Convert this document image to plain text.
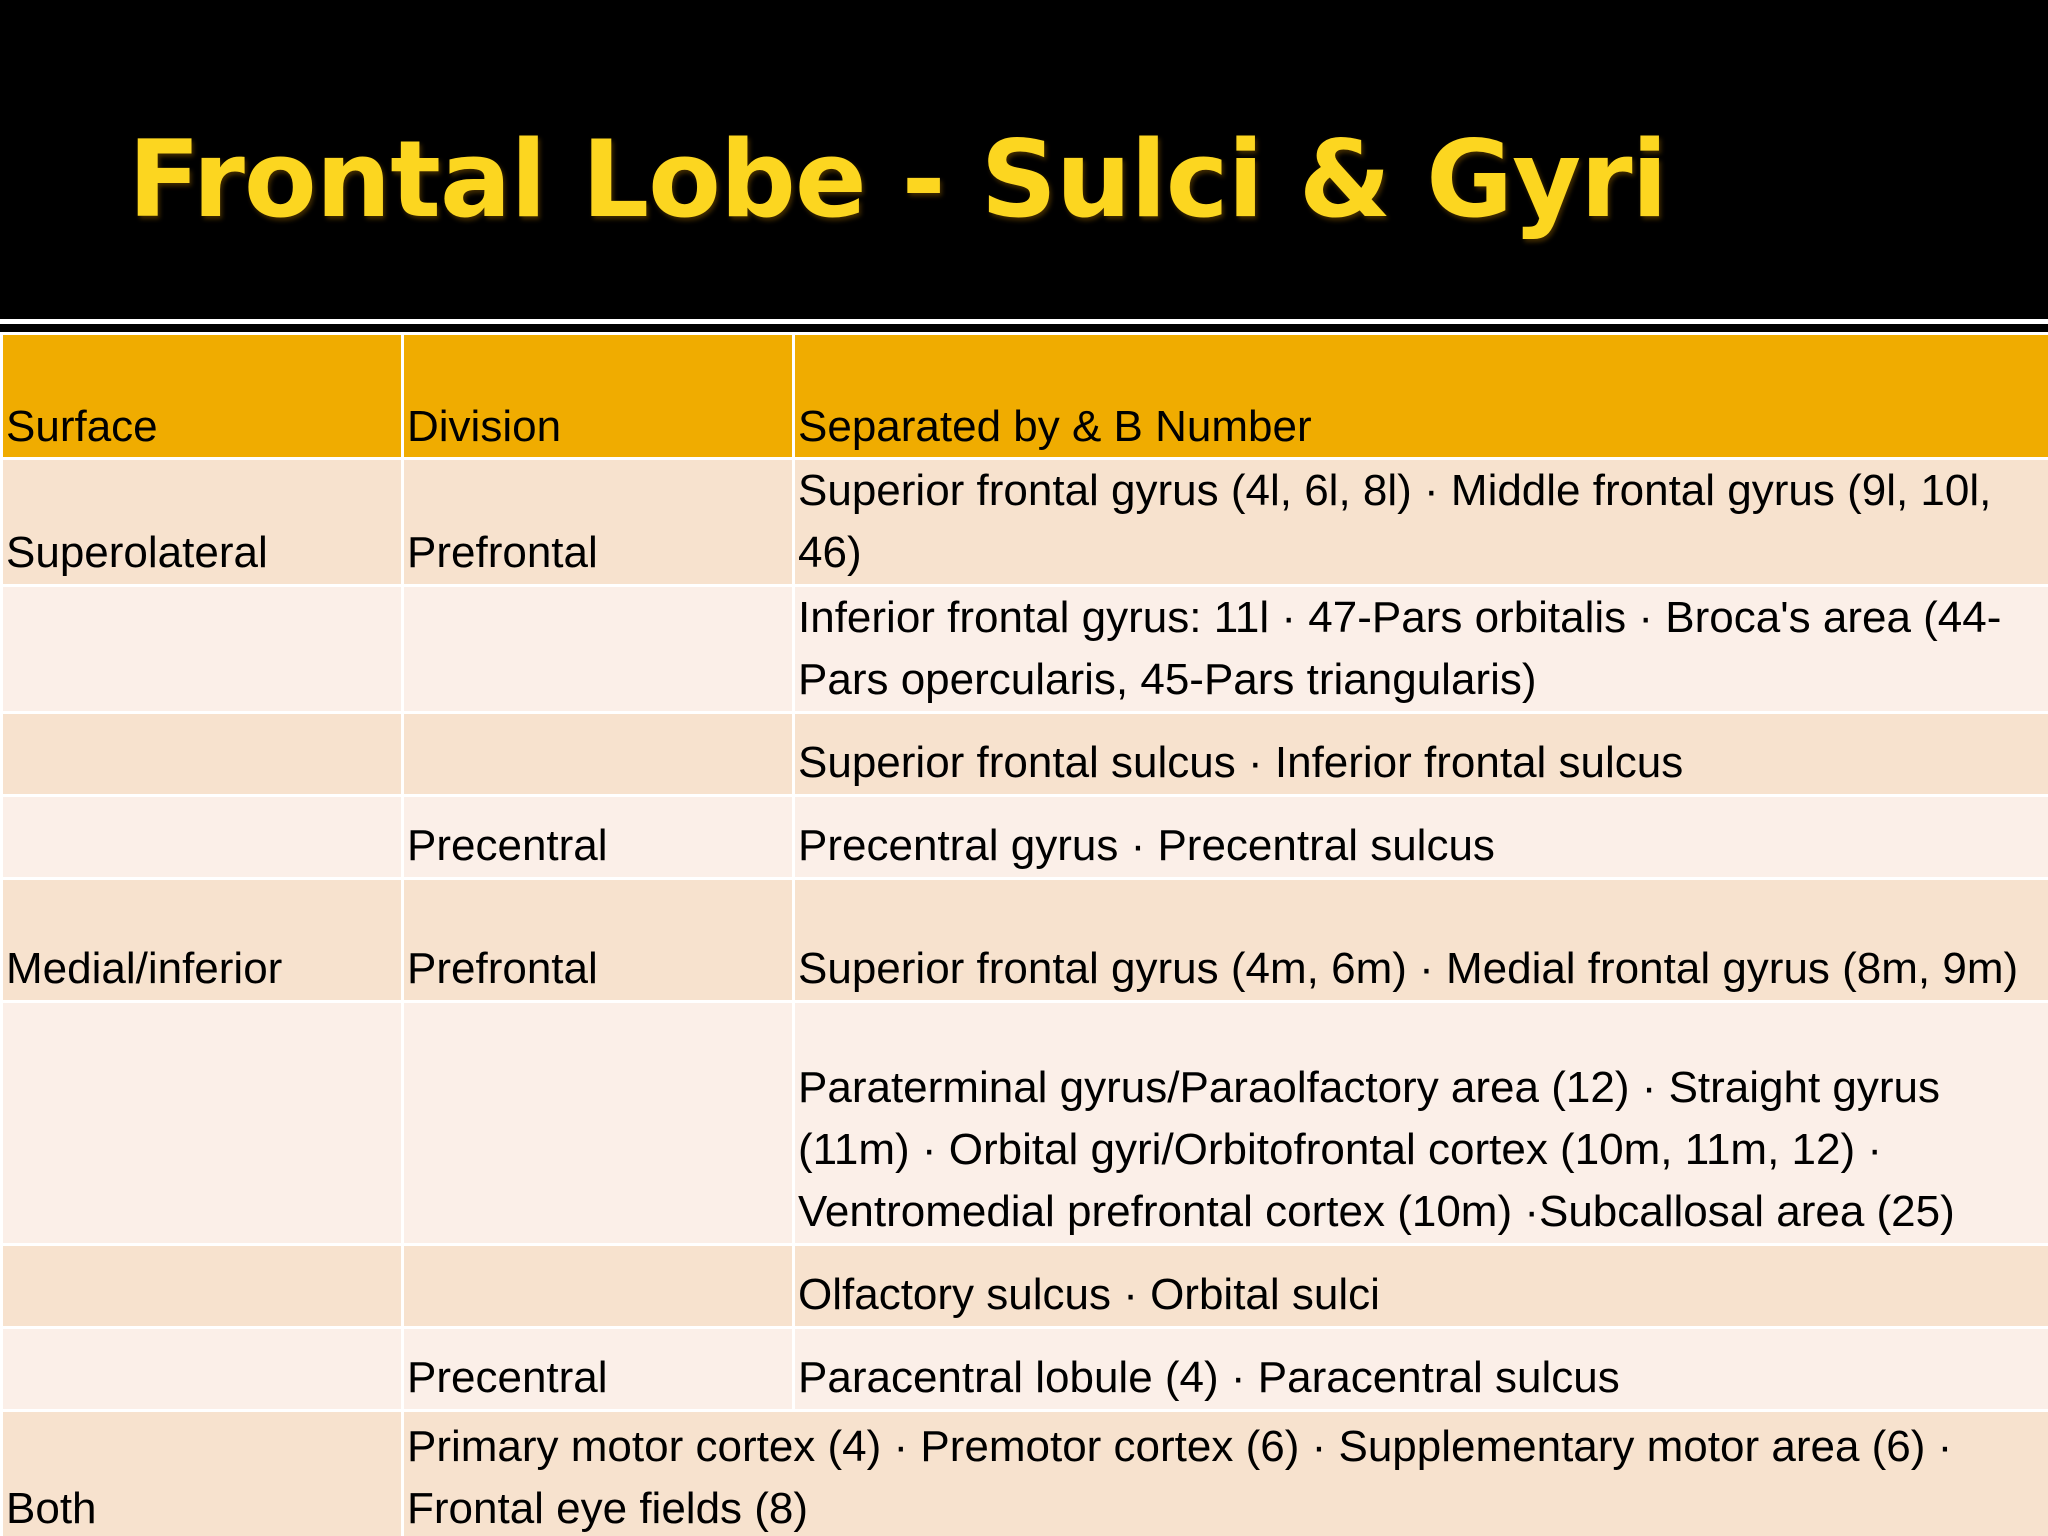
Frontal Lobe - Sulci & Gyri
Surface	Division	Separated by & B Number
Superolateral	Prefrontal	Superior frontal gyrus (4l, 6l, 8l) · Middle frontal gyrus (9l, 10l, 46)
		Inferior frontal gyrus: 11l · 47-Pars orbitalis · Broca's area (44-Pars opercularis, 45-Pars triangularis)
		Superior frontal sulcus · Inferior frontal sulcus
	Precentral	Precentral gyrus · Precentral sulcus
Medial/inferior	Prefrontal	Superior frontal gyrus (4m, 6m) · Medial frontal gyrus (8m, 9m)
		Paraterminal gyrus/Paraolfactory area (12) · Straight gyrus (11m) · Orbital gyri/Orbitofrontal cortex (10m, 11m, 12) · Ventromedial prefrontal cortex (10m) ·Subcallosal area (25)
		Olfactory sulcus · Orbital sulci
	Precentral	Paracentral lobule (4) · Paracentral sulcus
Both	Primary motor cortex (4) · Premotor cortex (6) · Supplementary motor area (6) · Frontal eye fields (8)	
